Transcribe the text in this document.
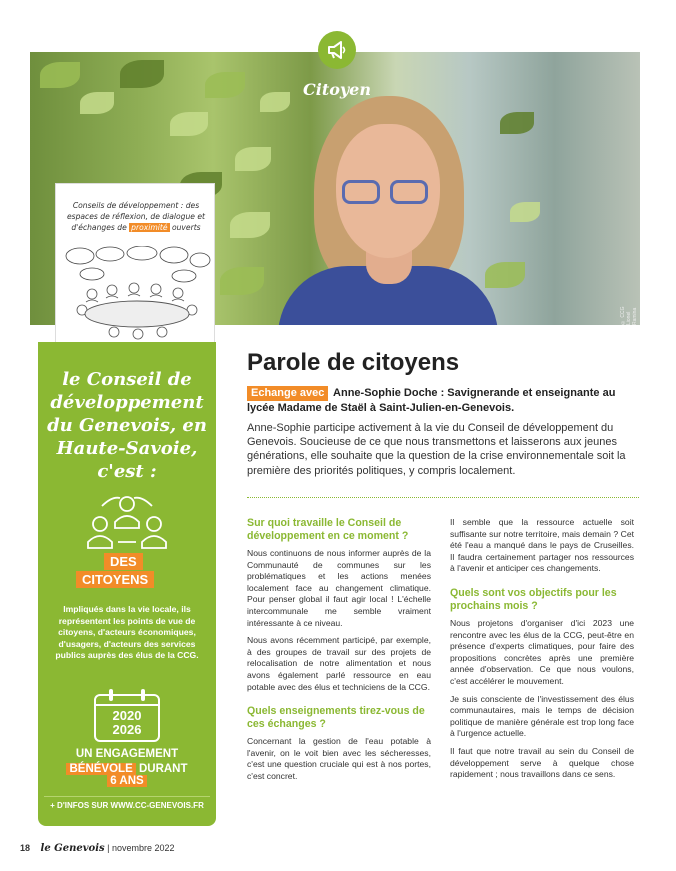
© CCG Lionel Ramina
Citoyen
Conseils de développement : des espaces de réflexion, de dialogue et d'échanges de proximité ouverts
le Conseil de développement du Genevois, en Haute-Savoie, c'est :
DES
CITOYENS
Impliqués dans la vie locale, ils représentent les points de vue de citoyens, d'acteurs économiques, d'usagers, d'acteurs des services publics auprès des élus de la CCG.
2020
2026
UN ENGAGEMENT
BÉNÉVOLE DURANT 6 ANS
+ D'INFOS SUR WWW.CC-GENEVOIS.FR
Parole de citoyens
Echange avec Anne-Sophie Doche : Savignerande et enseignante au lycée Madame de Staël à Saint-Julien-en-Genevois.
Anne-Sophie participe activement à la vie du Conseil de développement du Genevois. Soucieuse de ce que nous transmettons et laisserons aux jeunes générations, elle souhaite que la question de la crise environnementale soit la première des priorités politiques, y compris localement.
Sur quoi travaille le Conseil de développement en ce moment ?

Nous continuons de nous informer auprès de la Communauté de communes sur les problématiques et les actions menées localement face au changement climatique. Pour penser global il faut agir local ! L'échelle intercommunale me semble vraiment intéressante à ce niveau.

Nous avons récemment participé, par exemple, à des groupes de travail sur des projets de relocalisation de notre alimentation et nous avons également parlé ressource en eau potable avec des élus et techniciens de la CCG.

Quels enseignements tirez-vous de ces échanges ?

Concernant la gestion de l'eau potable à l'avenir, on le voit bien avec les sécheresses, c'est une question cruciale qui est à nos portes, c'est concret.

Il semble que la ressource actuelle soit suffisante sur notre territoire, mais demain ? Cet été l'eau a manqué dans le pays de Cruseilles. Il faudra certainement partager nos ressources à l'avenir et anticiper ces changements.

Quels sont vos objectifs pour les prochains mois ?

Nous projetons d'organiser d'ici 2023 une rencontre avec les élus de la CCG, peut-être en présence d'experts climatiques, pour faire des propositions concrètes après une première année d'observation. Ce que nous voulons, c'est accélérer le mouvement.

Je suis consciente de l'investissement des élus communautaires, mais le temps de décision politique de manière générale est trop long face à l'urgence actuelle.

Il faut que notre travail au sein du Conseil de développement serve à quelque chose rapidement ; nous travaillons dans ce sens.

18 le Genevois | novembre 2022
